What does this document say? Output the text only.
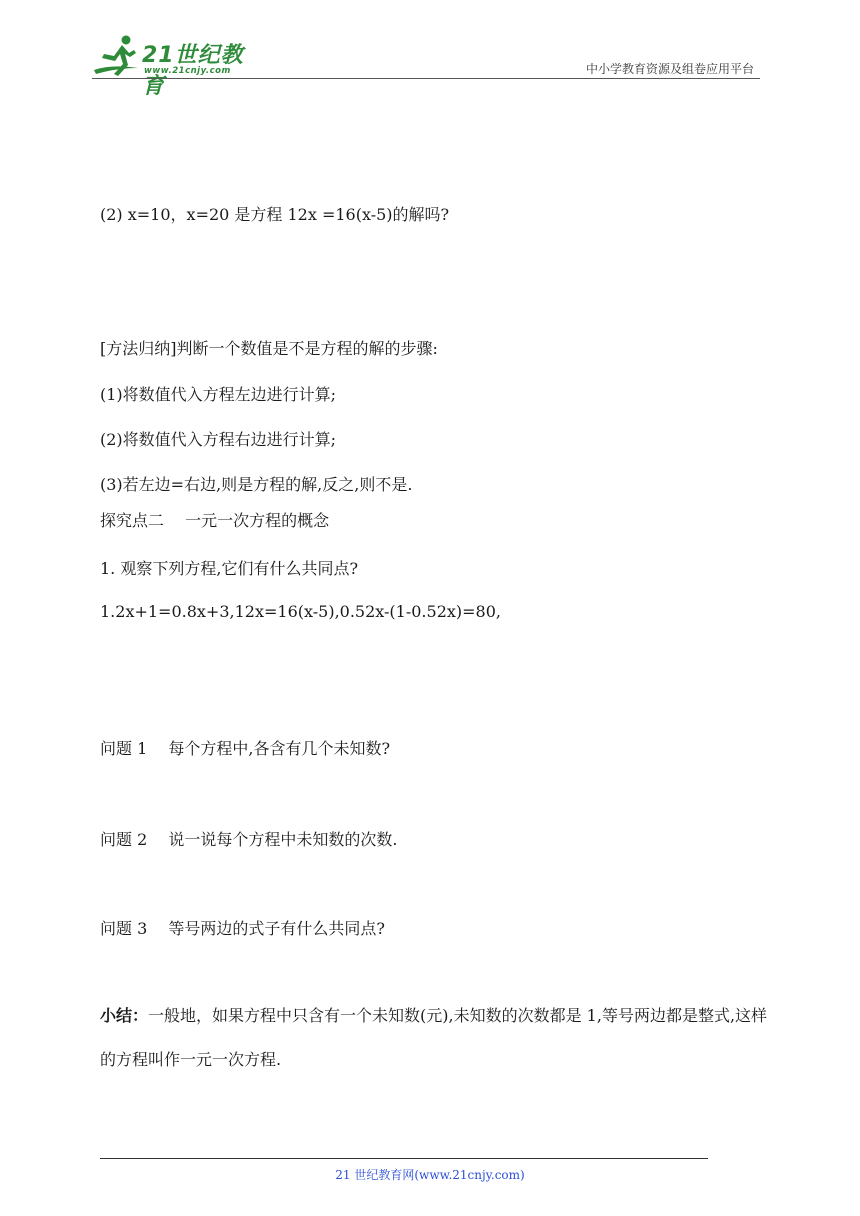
21世纪教育
www.21cnjy.com	中小学教育资源及组卷应用平台
(2) x=10，x=20 是方程 12x =16(x-5)的解吗?
[方法归纳]判断一个数值是不是方程的解的步骤:
(1)将数值代入方程左边进行计算;
(2)将数值代入方程右边进行计算;
(3)若左边=右边,则是方程的解,反之,则不是.
探究点二　 一元一次方程的概念
1. 观察下列方程,它们有什么共同点?
1.2x+1=0.8x+3,12x=16(x-5),0.52x-(1-0.52x)=80,
问题 1　 每个方程中,各含有几个未知数?
问题 2　 说一说每个方程中未知数的次数.
问题 3　 等号两边的式子有什么共同点?
小结：一般地，如果方程中只含有一个未知数(元),未知数的次数都是 1,等号两边都是整式,这样的方程叫作一元一次方程.
21 世纪教育网(www.21cnjy.com)
